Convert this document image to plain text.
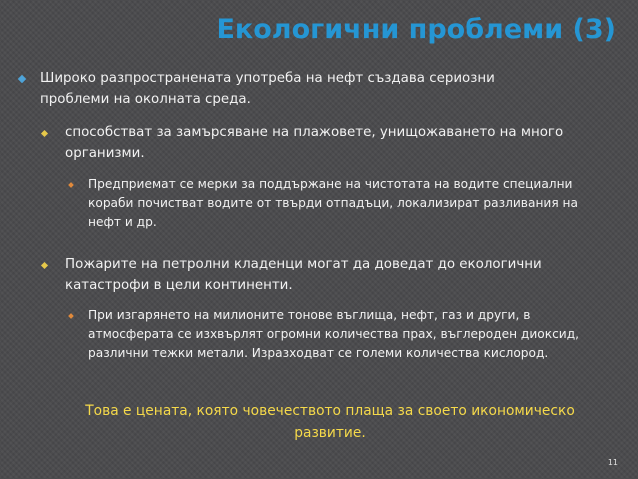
Екологични проблеми (3)
Широко разпространената употреба на нефт създава сериозни проблеми на околната среда.
способстват за замърсяване на плажовете, унищожаването на много организми.
Предприемат се мерки за поддържане на чистотата на водите специални кораби почистват водите от твърди отпадъци, локализират разливания на нефт и др.
Пожарите на петролни кладенци могат да доведат до екологични катастрофи в цели континенти.
При изгарянето на милионите тонове въглища, нефт, газ и други, в атмосферата се изхвърлят огромни количества прах, въглероден диоксид, различни тежки метали. Изразходват се големи количества кислород.
Това е цената, която човечеството плаща за своето икономическо развитие.
11
